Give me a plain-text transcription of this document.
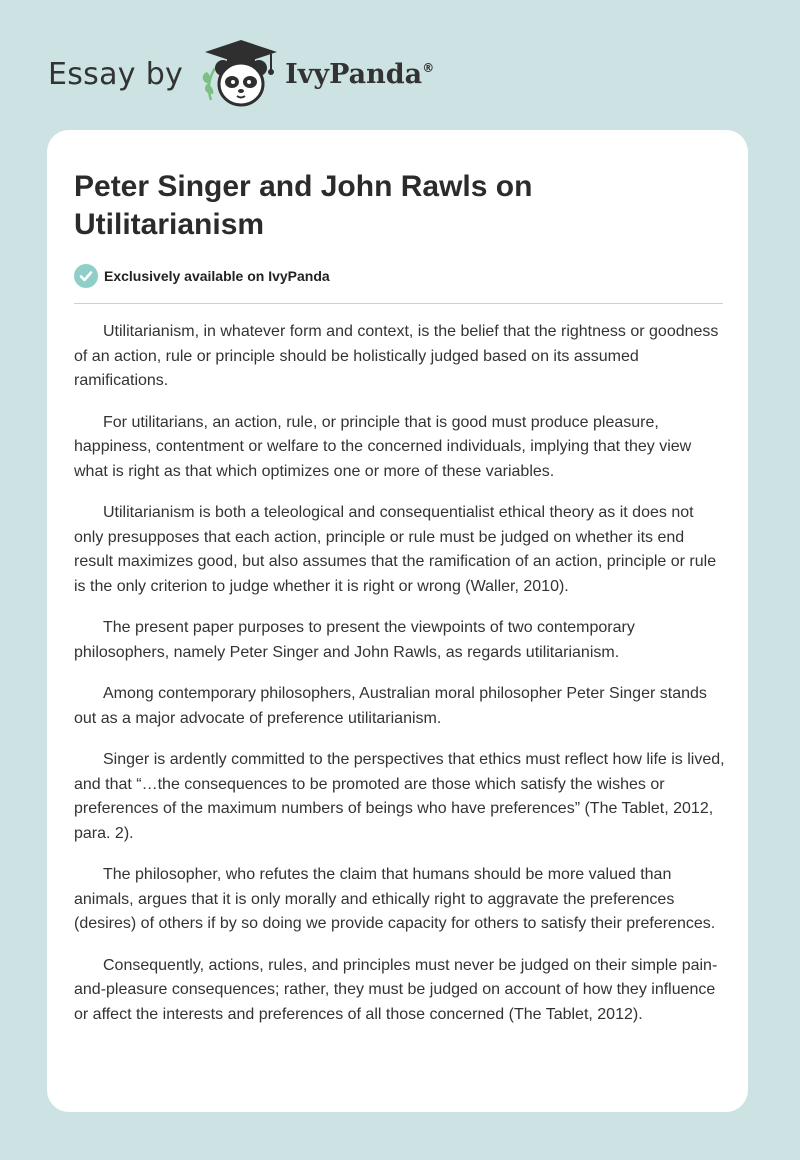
Essay by	IvyPanda®
Peter Singer and John Rawls on Utilitarianism
Exclusively available on IvyPanda

Utilitarianism, in whatever form and context, is the belief that the rightness or goodness of an action, rule or principle should be holistically judged based on its assumed ramifications.

For utilitarians, an action, rule, or principle that is good must produce pleasure, happiness, contentment or welfare to the concerned individuals, implying that they view what is right as that which optimizes one or more of these variables.

Utilitarianism is both a teleological and consequentialist ethical theory as it does not only presupposes that each action, principle or rule must be judged on whether its end result maximizes good, but also assumes that the ramification of an action, principle or rule is the only criterion to judge whether it is right or wrong (Waller, 2010).

The present paper purposes to present the viewpoints of two contemporary philosophers, namely Peter Singer and John Rawls, as regards utilitarianism.

Among contemporary philosophers, Australian moral philosopher Peter Singer stands out as a major advocate of preference utilitarianism.

Singer is ardently committed to the perspectives that ethics must reflect how life is lived, and that “…the consequences to be promoted are those which satisfy the wishes or preferences of the maximum numbers of beings who have preferences” (The Tablet, 2012, para. 2).

The philosopher, who refutes the claim that humans should be more valued than animals, argues that it is only morally and ethically right to aggravate the preferences (desires) of others if by so doing we provide capacity for others to satisfy their preferences.

Consequently, actions, rules, and principles must never be judged on their simple pain-and-pleasure consequences; rather, they must be judged on account of how they influence or affect the interests and preferences of all those concerned (The Tablet, 2012).
